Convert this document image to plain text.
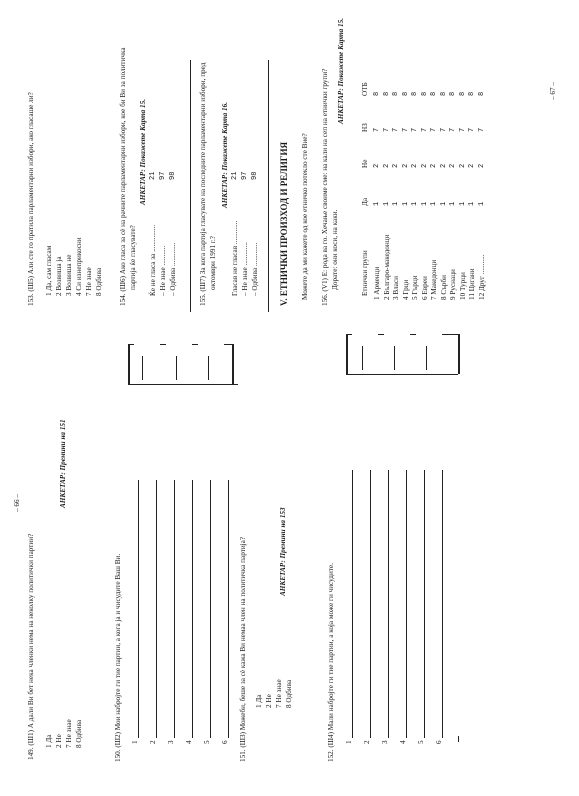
– 66 –
149. (Ш1) А дали Ви бет нека членки нема на неколку политички партии? 1 Да 2 Не 7 Не знае 8 Одбива
АНКЕТАР: Премини на 151
150. (Ш2) Мои набројте ги тие партии, а кога ја и чисудите Ваш Ви. 1 2 3 4 5 6 151. (Ш3) Можеби, беше за сè кажа Ви немаа член на политичка партија? 1 Да 2 Не 7 Не знае 8 Одбива
АНКЕТАР: Премини на 153
152. (Ш4) Мали набројте ги тие партии, а коja мoжe ги чисудите. 1 2 3 4 5 6
– 67 –
153. (Ш5) Али сте го пратила парламентарни избори, ако гласаше ли? 1 Да, сам гласам 2 Возвиша ја 3 Возвиша не 4 Си изнеприкосни 7 Не знае 8 Одбива 154. (Ш6) Ако гласа за сè на рачните парламентарни избори, кое би Ви за политичка партија ќе гласувате?
АНКЕТАР: Покажете Карта 15.
Ќе не гласа за ...............
21
– Не знае ...........
97
– Одбива .............
98	155. (Ш7) За кога партија гласувате на последните парламентарни избори, пред октомври 1991 г.?
АНКЕТАР: Покажете Карта 16.
Гласав не гласав .............
21
– Не знае .............
97
– Одбива .............
98 V. ЕТНИЧКИ ПРОИЗХОД И РЕЛИГИЯ Можете да ми кажете од кое етничко потекло сте Вие? 156. (V1) Е: рода ва го. Хечање своиме сме: на кали на сеп на етнички групи? Дорате: они коси, на каки.
АНКЕТАР: Покажете Карта 15.
Етнички групи
Да
Не
НЗ
ОТБ
1 Арменци
1
2
7
8
2 Българо-македонци
1
2
7
8
3 Власи
1
2
7
8
4 Грци
1
2
7
8
5 Гърци
1
2
7
8
6 Евреи
1
2
7
8
7 Македонци
1
2
7
8
8 Сърби
1
2
7
8
9 Руснаци
1
2
7
8
10 Турци
1
2
7
8
11 Цигани
1
2
7
8
12 Друг ...........
1
2
7
8
